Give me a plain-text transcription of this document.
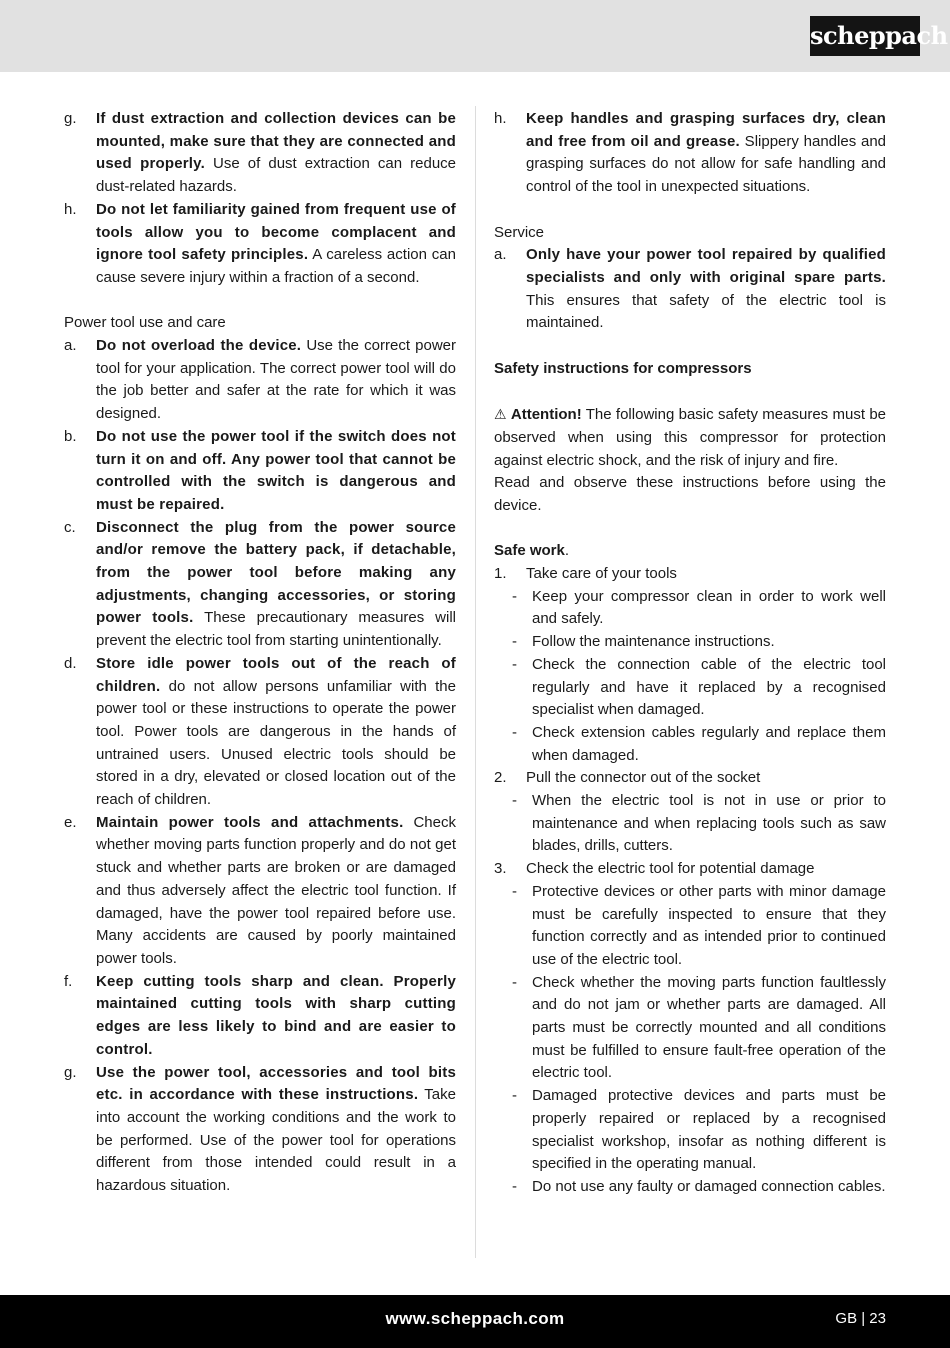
scheppach
g.	If dust extraction and collection devices can be mounted, make sure that they are connected and used properly. Use of dust extraction can reduce dust-related hazards.
h.	Do not let familiarity gained from frequent use of tools allow you to become complacent and ignore tool safety principles. A careless action can cause severe injury within a fraction of a second.
Power tool use and care
a.	Do not overload the device. Use the correct power tool for your application. The correct power tool will do the job better and safer at the rate for which it was designed.
b.	Do not use the power tool if the switch does not turn it on and off. Any power tool that cannot be controlled with the switch is dangerous and must be repaired.
c.	Disconnect the plug from the power source and/or remove the battery pack, if detachable, from the power tool before making any adjustments, changing accessories, or storing power tools. These precautionary measures will prevent the electric tool from starting unintentionally.
d.	Store idle power tools out of the reach of children. do not allow persons unfamiliar with the power tool or these instructions to operate the power tool. Power tools are dangerous in the hands of untrained users. Unused electric tools should be stored in a dry, elevated or closed location out of the reach of children.
e.	Maintain power tools and attachments. Check whether moving parts function properly and do not get stuck and whether parts are broken or are damaged and thus adversely affect the electric tool function. If damaged, have the power tool repaired before use. Many accidents are caused by poorly maintained power tools.
f.	Keep cutting tools sharp and clean. Properly maintained cutting tools with sharp cutting edges are less likely to bind and are easier to control.
g.	Use the power tool, accessories and tool bits etc. in accordance with these instructions. Take into account the working conditions and the work to be performed. Use of the power tool for operations different from those intended could result in a hazardous situation.
h.	Keep handles and grasping surfaces dry, clean and free from oil and grease. Slippery handles and grasping surfaces do not allow for safe handling and control of the tool in unexpected situations.
Service
a.	Only have your power tool repaired by qualified specialists and only with original spare parts. This ensures that safety of the electric tool is maintained.
Safety instructions for compressors
⚠ Attention! The following basic safety measures must be observed when using this compressor for protection against electric shock, and the risk of injury and fire.
Read and observe these instructions before using the device.
Safe work.
1.	Take care of your tools
-	Keep your compressor clean in order to work well and safely.
-	Follow the maintenance instructions.
-	Check the connection cable of the electric tool regularly and have it replaced by a recognised specialist when damaged.
-	Check extension cables regularly and replace them when damaged.
2.	Pull the connector out of the socket
-	When the electric tool is not in use or prior to maintenance and when replacing tools such as saw blades, drills, cutters.
3.	Check the electric tool for potential damage
-	Protective devices or other parts with minor damage must be carefully inspected to ensure that they function correctly and as intended prior to continued use of the electric tool.
-	Check whether the moving parts function faultlessly and do not jam or whether parts are damaged. All parts must be correctly mounted and all conditions must be fulfilled to ensure fault-free operation of the electric tool.
-	Damaged protective devices and parts must be properly repaired or replaced by a recognised specialist workshop, insofar as nothing different is specified in the operating manual.
-	Do not use any faulty or damaged connection cables.
www.scheppach.com	GB | 23
